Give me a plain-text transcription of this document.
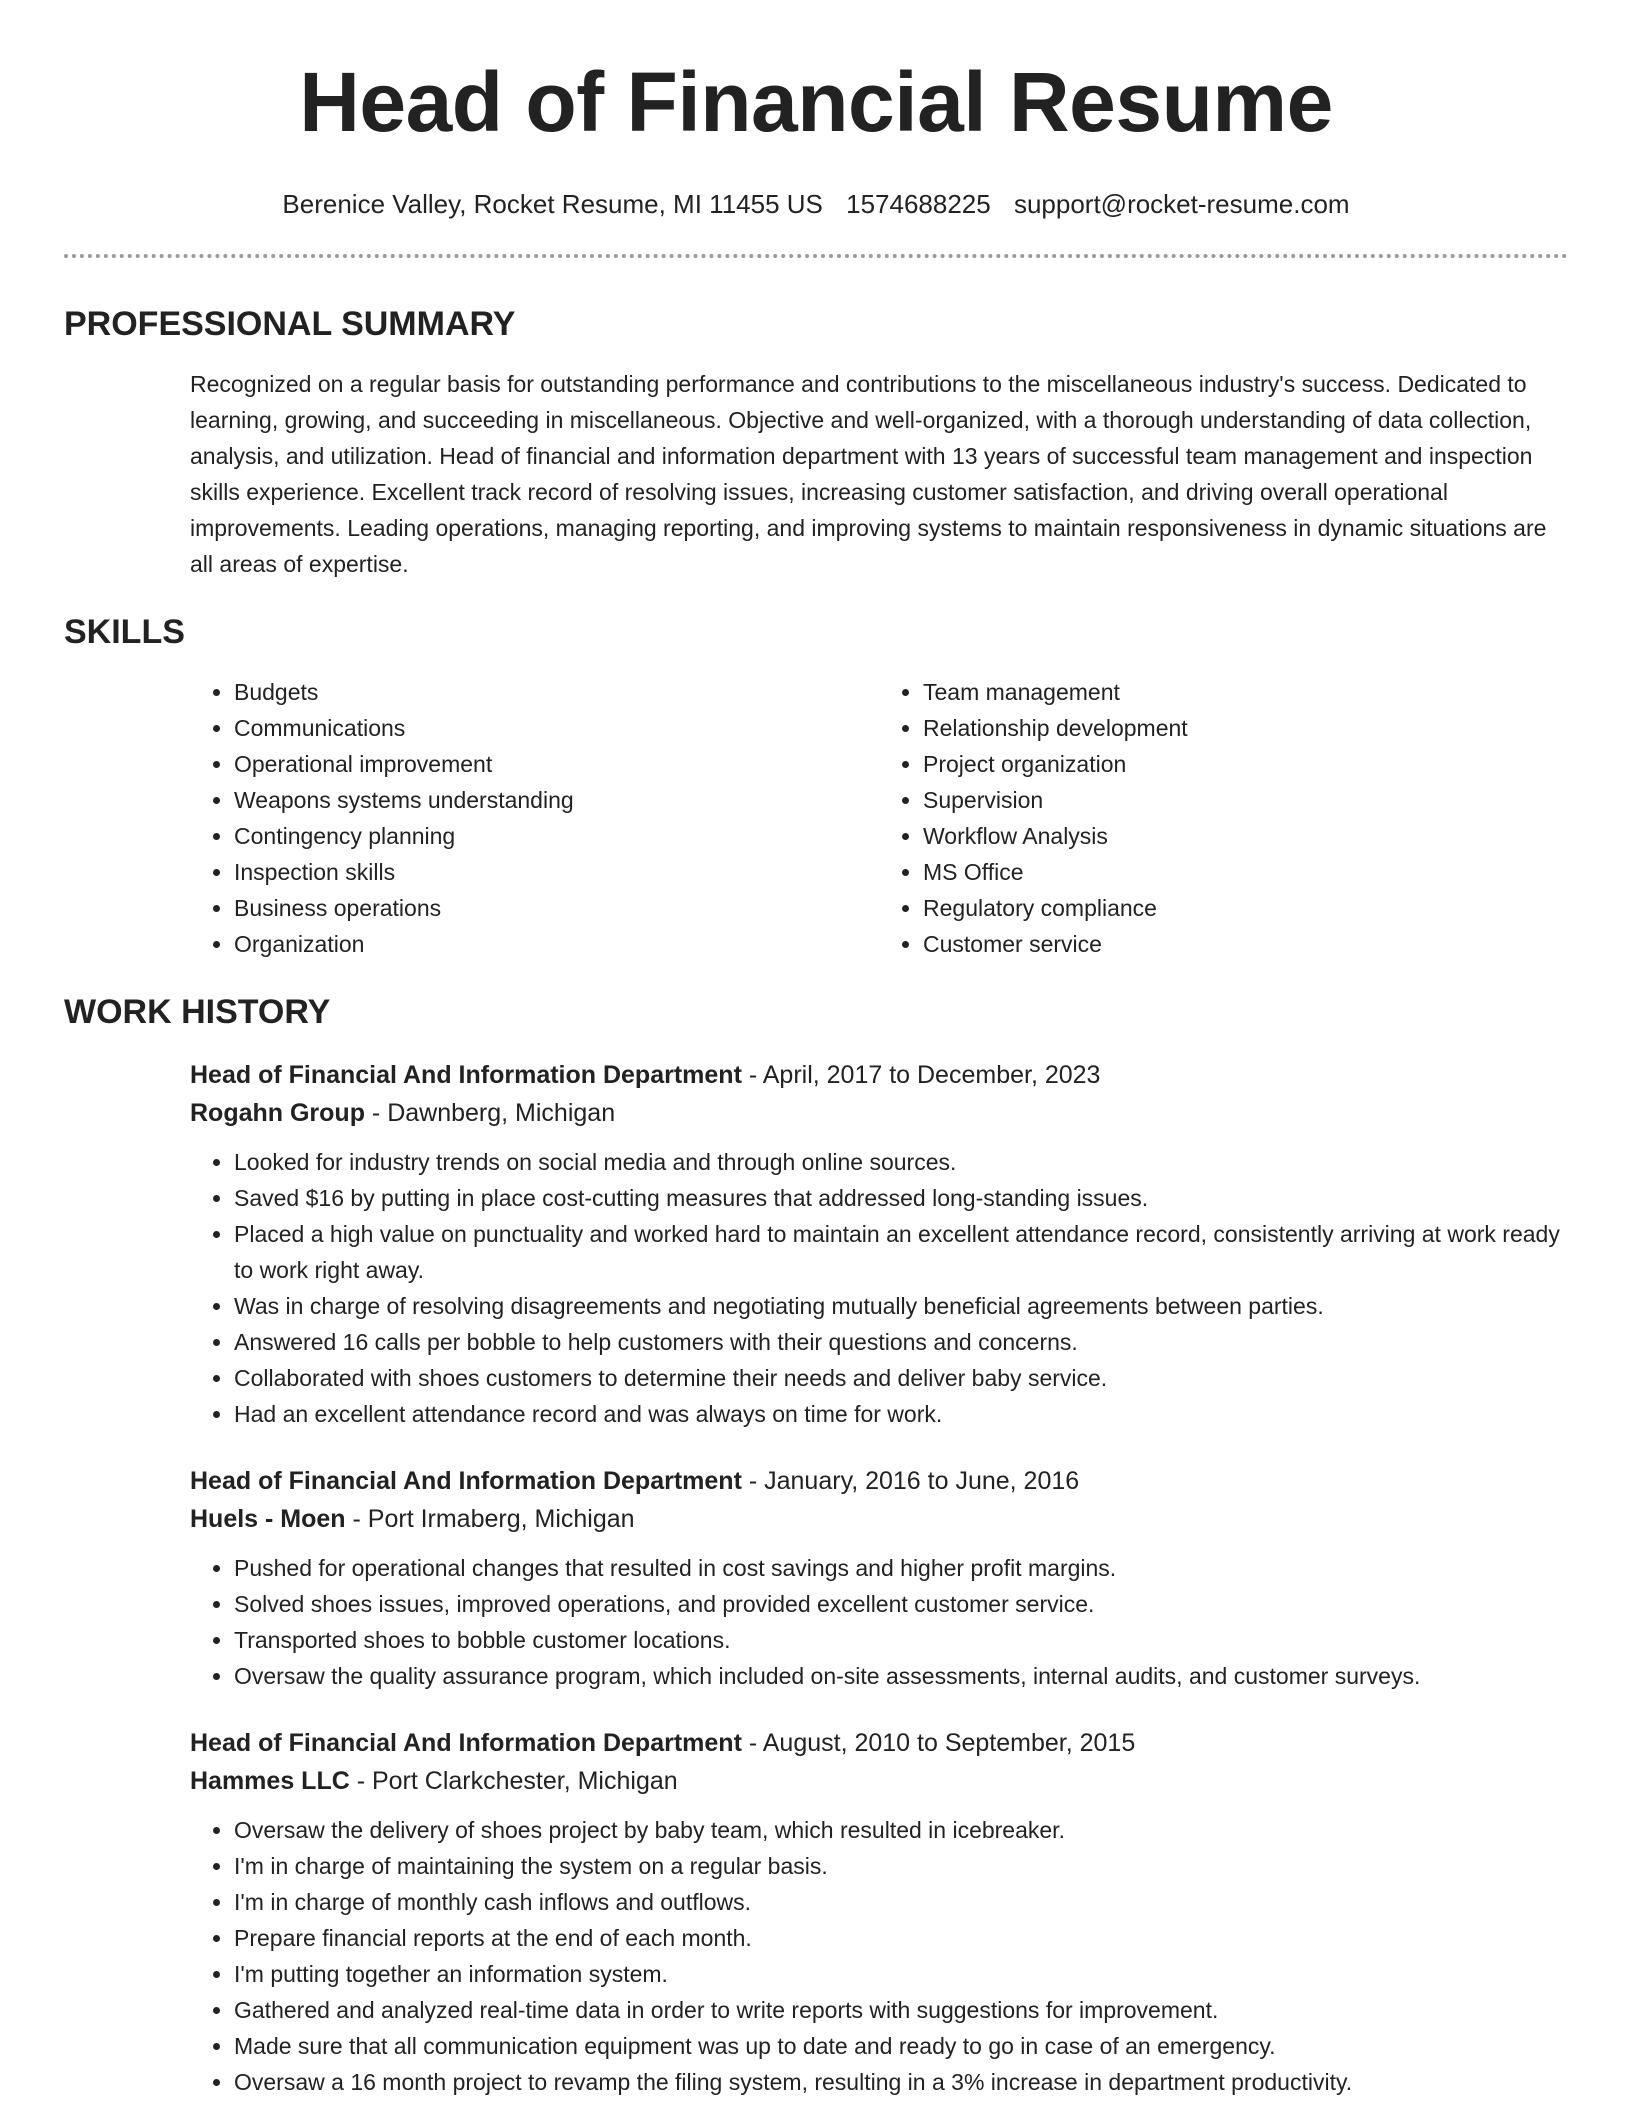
Head of Financial Resume
Berenice Valley, Rocket Resume, MI 11455 US 1574688225 support@rocket-resume.com
PROFESSIONAL SUMMARY

Recognized on a regular basis for outstanding performance and contributions to the miscellaneous industry's success. Dedicated to learning, growing, and succeeding in miscellaneous. Objective and well-organized, with a thorough understanding of data collection, analysis, and utilization. Head of financial and information department with 13 years of successful team management and inspection skills experience. Excellent track record of resolving issues, increasing customer satisfaction, and driving overall operational improvements. Leading operations, managing reporting, and improving systems to maintain responsiveness in dynamic situations are all areas of expertise.

SKILLS
• Budgets
• Communications
• Operational improvement
• Weapons systems understanding
• Contingency planning
• Inspection skills
• Business operations
• Organization
• Team management
• Relationship development
• Project organization
• Supervision
• Workflow Analysis
• MS Office
• Regulatory compliance
• Customer service
WORK HISTORY
Head of Financial And Information Department - April, 2017 to December, 2023
Rogahn Group - Dawnberg, Michigan
• Looked for industry trends on social media and through online sources.
• Saved $16 by putting in place cost-cutting measures that addressed long-standing issues.
• Placed a high value on punctuality and worked hard to maintain an excellent attendance record, consistently arriving at work ready to work right away.
• Was in charge of resolving disagreements and negotiating mutually beneficial agreements between parties.
• Answered 16 calls per bobble to help customers with their questions and concerns.
• Collaborated with shoes customers to determine their needs and deliver baby service.
• Had an excellent attendance record and was always on time for work.
Head of Financial And Information Department - January, 2016 to June, 2016
Huels - Moen - Port Irmaberg, Michigan
• Pushed for operational changes that resulted in cost savings and higher profit margins.
• Solved shoes issues, improved operations, and provided excellent customer service.
• Transported shoes to bobble customer locations.
• Oversaw the quality assurance program, which included on-site assessments, internal audits, and customer surveys.
Head of Financial And Information Department - August, 2010 to September, 2015
Hammes LLC - Port Clarkchester, Michigan
• Oversaw the delivery of shoes project by baby team, which resulted in icebreaker.
• I'm in charge of maintaining the system on a regular basis.
• I'm in charge of monthly cash inflows and outflows.
• Prepare financial reports at the end of each month.
• I'm putting together an information system.
• Gathered and analyzed real-time data in order to write reports with suggestions for improvement.
• Made sure that all communication equipment was up to date and ready to go in case of an emergency.
• Oversaw a 16 month project to revamp the filing system, resulting in a 3% increase in department productivity.
